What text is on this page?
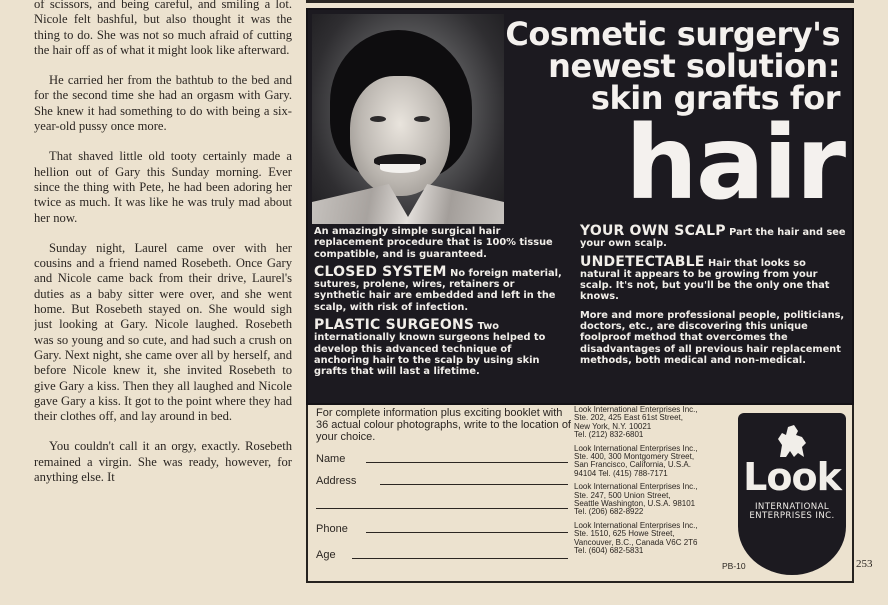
of scissors, and being careful, and smiling a lot. Nicole felt bashful, but also thought it was the thing to do. She was not so much afraid of cutting the hair off as of what it might look like afterward.

He carried her from the bathtub to the bed and for the second time she had an orgasm with Gary. She knew it had something to do with being a six-year-old pussy once more.

That shaved little old tooty certainly made a hellion out of Gary this Sunday morning. Ever since the thing with Pete, he had been adoring her twice as much. It was like he was truly mad about her now.

Sunday night, Laurel came over with her cousins and a friend named Rosebeth. Once Gary and Nicole came back from their drive, Laurel's duties as a baby sitter were over, and she went home. But Rosebeth stayed on. She would sigh just looking at Gary. Nicole laughed. Rosebeth was so young and so cute, and had such a crush on Gary. Next night, she came over all by herself, and before Nicole knew it, she invited Rosebeth to give Gary a kiss. Then they all laughed and Nicole gave Gary a kiss. It got to the point where they had their clothes off, and lay around in bed.

You couldn't call it an orgy, exactly. Rosebeth remained a virgin. She was ready, however, for anything else. It

Cosmetic surgery's
newest solution:
skin grafts for
hair

An amazingly simple surgical hair replacement procedure that is 100% tissue compatible, and is guaranteed.

CLOSED SYSTEM No foreign material, sutures, prolene, wires, retainers or synthetic hair are embedded and left in the scalp, with risk of infection.

PLASTIC SURGEONS Two internationally known surgeons helped to develop this advanced technique of anchoring hair to the scalp by using skin grafts that will last a lifetime.

YOUR OWN SCALP Part the hair and see your own scalp.

UNDETECTABLE Hair that looks so natural it appears to be growing from your scalp. It's not, but you'll be the only one that knows.

More and more professional people, politicians, doctors, etc., are discovering this unique foolproof method that overcomes the disadvantages of all previous hair replacement methods, both medical and non-medical.

For complete information plus exciting booklet with 36 actual colour photographs, write to the location of your choice.
Name
Address
Phone
Age
Look International Enterprises Inc.,
Ste. 202, 425 East 61st Street,
New York, N.Y. 10021
Tel. (212) 832-6801
Look International Enterprises Inc.,
Ste. 400, 300 Montgomery Street,
San Francisco, California, U.S.A.
94104 Tel. (415) 788-7171
Look International Enterprises Inc.,
Ste. 247, 500 Union Street,
Seattle Washington, U.S.A. 98101
Tel. (206) 682-8922
Look International Enterprises Inc.,
Ste. 1510, 625 Howe Street,
Vancouver, B.C., Canada V6C 2T6
Tel. (604) 682-5831
PB-10
Look
INTERNATIONAL
ENTERPRISES INC.
253
